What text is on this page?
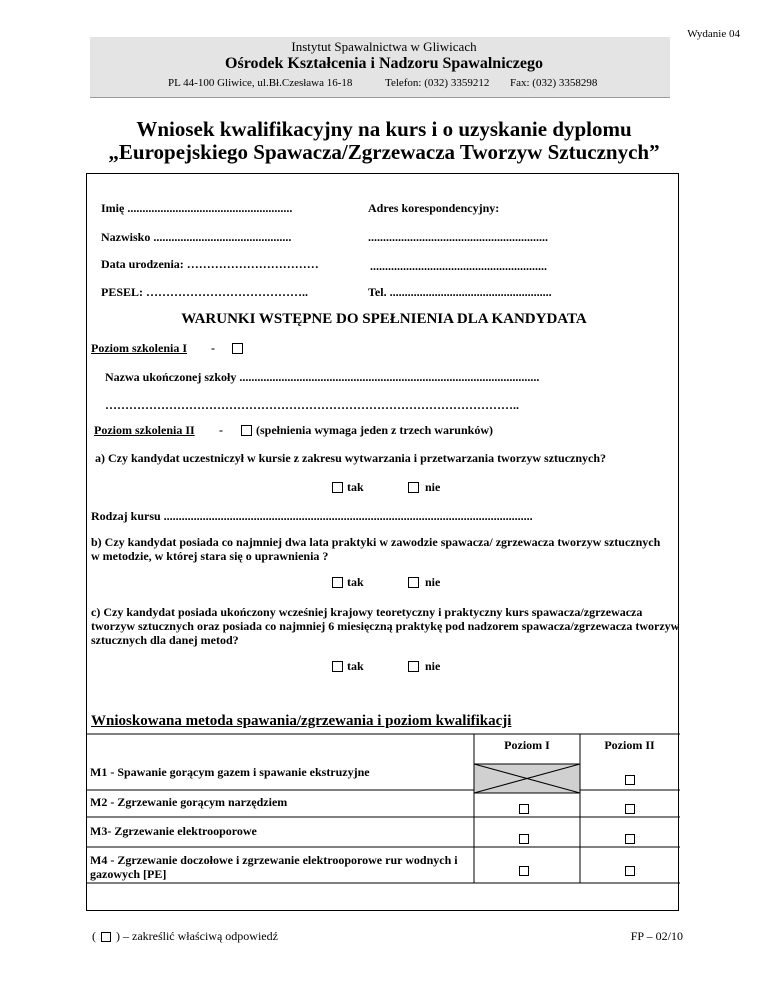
Wydanie 04
Instytut Spawalnictwa w Gliwicach
Ośrodek Kształcenia i Nadzoru Spawalniczego
PL 44-100 Gliwice, ul.Bł.Czesława 16-18	Telefon: (032) 3359212 Fax: (032) 3358298
Wniosek kwalifikacyjny na kurs i o uzyskanie dyplomu
„Europejskiego Spawacza/Zgrzewacza Tworzyw Sztucznych”
Imię .......................................................	Adres korespondencyjny:
Nazwisko ..............................................	............................................................
Data urodzenia: ……………………………	...........................................................
PESEL: …………………………………..	Tel. ......................................................
WARUNKI WSTĘPNE DO SPEŁNIENIA DLA KANDYDATA
Poziom szkolenia I -
Nazwa ukończonej szkoły ....................................................................................................
…………………………………………………………………………………………..
Poziom szkolenia II -	(spełnienia wymaga jeden z trzech warunków)
a) Czy kandydat uczestniczył w kursie z zakresu wytwarzania i przetwarzania tworzyw sztucznych?
tak	nie
Rodzaj kursu ...........................................................................................................................
b) Czy kandydat posiada co najmniej dwa lata praktyki w zawodzie spawacza/ zgrzewacza tworzyw sztucznych w metodzie, w której stara się o uprawnienia ?
tak	nie
c) Czy kandydat posiada ukończony wcześniej krajowy teoretyczny i praktyczny kurs spawacza/zgrzewacza tworzyw sztucznych oraz posiada co najmniej 6 miesięczną praktykę pod nadzorem spawacza/zgrzewacza tworzyw sztucznych dla danej metod?
tak	nie
Wnioskowana metoda spawania/zgrzewania i poziom kwalifikacji
Poziom I	Poziom II
M1 - Spawanie gorącym gazem i spawanie ekstruzyjne
M2 - Zgrzewanie gorącym narzędziem
M3- Zgrzewanie elektrooporowe
M4 - Zgrzewanie doczołowe i zgrzewanie elektrooporowe rur wodnych i gazowych [PE]
( ) – zakreślić właściwą odpowiedź	FP – 02/10
